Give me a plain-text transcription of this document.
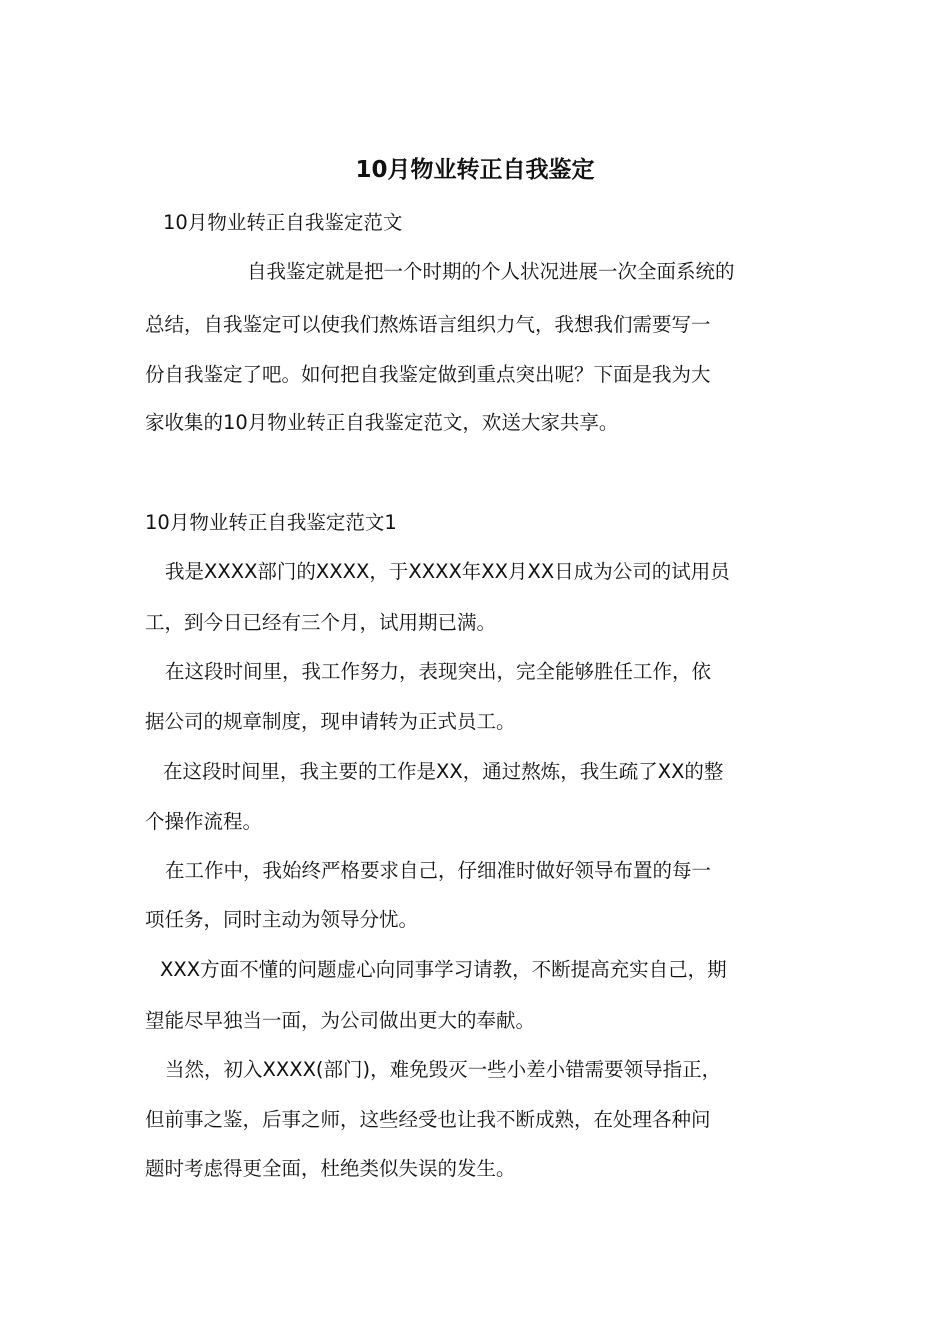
10月物业转正自我鉴定
10月物业转正自我鉴定范文
自我鉴定就是把一个时期的个人状况进展一次全面系统的
总结，自我鉴定可以使我们熬炼语言组织力气，我想我们需要写一
份自我鉴定了吧。如何把自我鉴定做到重点突出呢？下面是我为大
家收集的10月物业转正自我鉴定范文，欢送大家共享。
10月物业转正自我鉴定范文1
我是XXXX部门的XXXX，于XXXX年XX月XX日成为公司的试用员
工，到今日已经有三个月，试用期已满。
在这段时间里，我工作努力，表现突出，完全能够胜任工作，依
据公司的规章制度，现申请转为正式员工。
在这段时间里，我主要的工作是XX，通过熬炼，我生疏了XX的整
个操作流程。
在工作中，我始终严格要求自己，仔细准时做好领导布置的每一
项任务，同时主动为领导分忧。
XXX方面不懂的问题虚心向同事学习请教，不断提高充实自己，期
望能尽早独当一面，为公司做出更大的奉献。
当然，初入XXXX(部门)，难免毁灭一些小差小错需要领导指正，
但前事之鉴，后事之师，这些经受也让我不断成熟，在处理各种问
题时考虑得更全面，杜绝类似失误的发生。
